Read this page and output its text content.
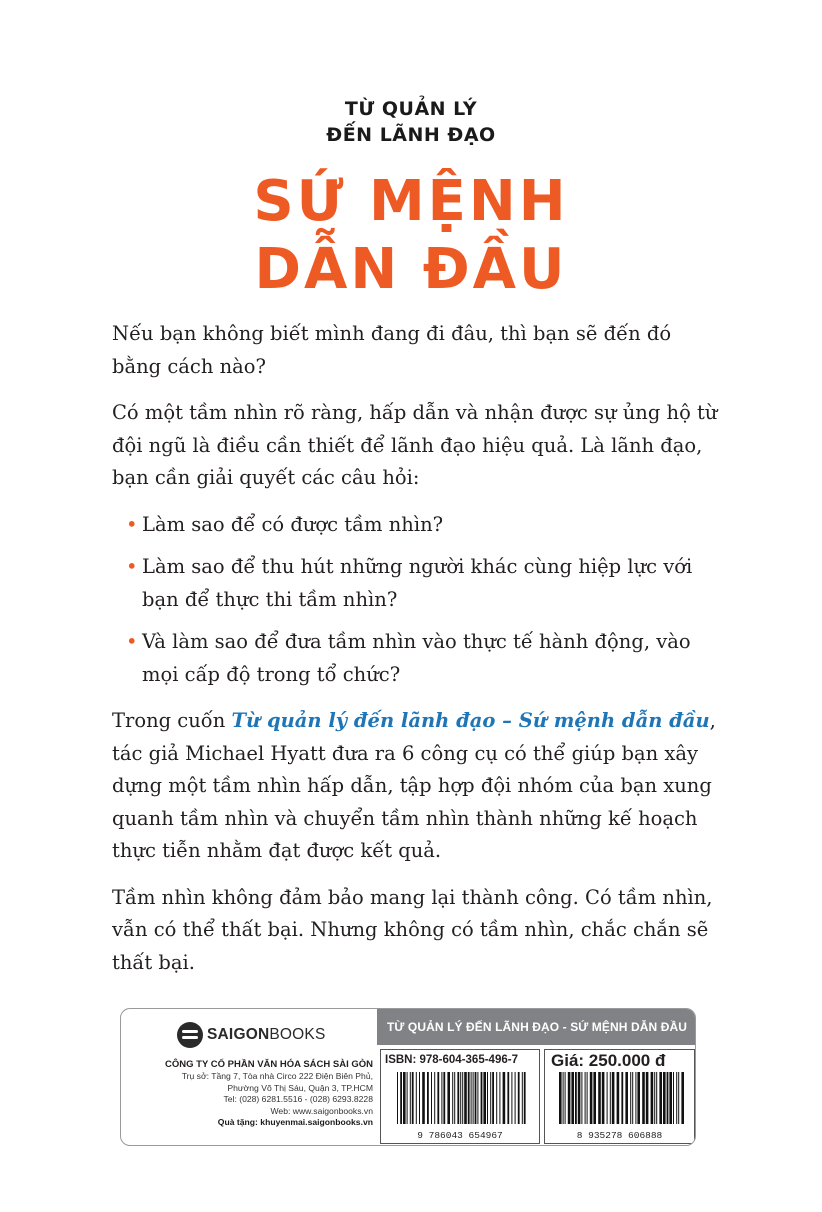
TỪ QUẢN LÝ
ĐẾN LÃNH ĐẠO
SỨ MỆNH
DẪN ĐẦU

Nếu bạn không biết mình đang đi đâu, thì bạn sẽ đến đó bằng cách nào?

Có một tầm nhìn rõ ràng, hấp dẫn và nhận được sự ủng hộ từ đội ngũ là điều cần thiết để lãnh đạo hiệu quả. Là lãnh đạo, bạn cần giải quyết các câu hỏi:

• Làm sao để có được tầm nhìn?
• Làm sao để thu hút những người khác cùng hiệp lực với bạn để thực thi tầm nhìn?
• Và làm sao để đưa tầm nhìn vào thực tế hành động, vào mọi cấp độ trong tổ chức?

Trong cuốn Từ quản lý đến lãnh đạo – Sứ mệnh dẫn đầu, tác giả Michael Hyatt đưa ra 6 công cụ có thể giúp bạn xây dựng một tầm nhìn hấp dẫn, tập hợp đội nhóm của bạn xung quanh tầm nhìn và chuyển tầm nhìn thành những kế hoạch thực tiễn nhằm đạt được kết quả.

Tầm nhìn không đảm bảo mang lại thành công. Có tầm nhìn, vẫn có thể thất bại. Nhưng không có tầm nhìn, chắc chắn sẽ thất bại.

SAIGONBOOKS
CÔNG TY CỔ PHẦN VĂN HÓA SÁCH SÀI GÒN
Trụ sở: Tầng 7, Tòa nhà Circo 222 Điện Biên Phủ,
Phường Võ Thị Sáu, Quận 3, TP.HCM
Tel: (028) 6281.5516 - (028) 6293.8228
Web: www.saigonbooks.vn
Quà tặng: khuyenmai.saigonbooks.vn
TỪ QUẢN LÝ ĐẾN LÃNH ĐẠO - SỨ MỆNH DẪN ĐẦU
ISBN: 978-604-365-496-7
9 786043 654967
Giá: 250.000 đ
8 935278 606888
